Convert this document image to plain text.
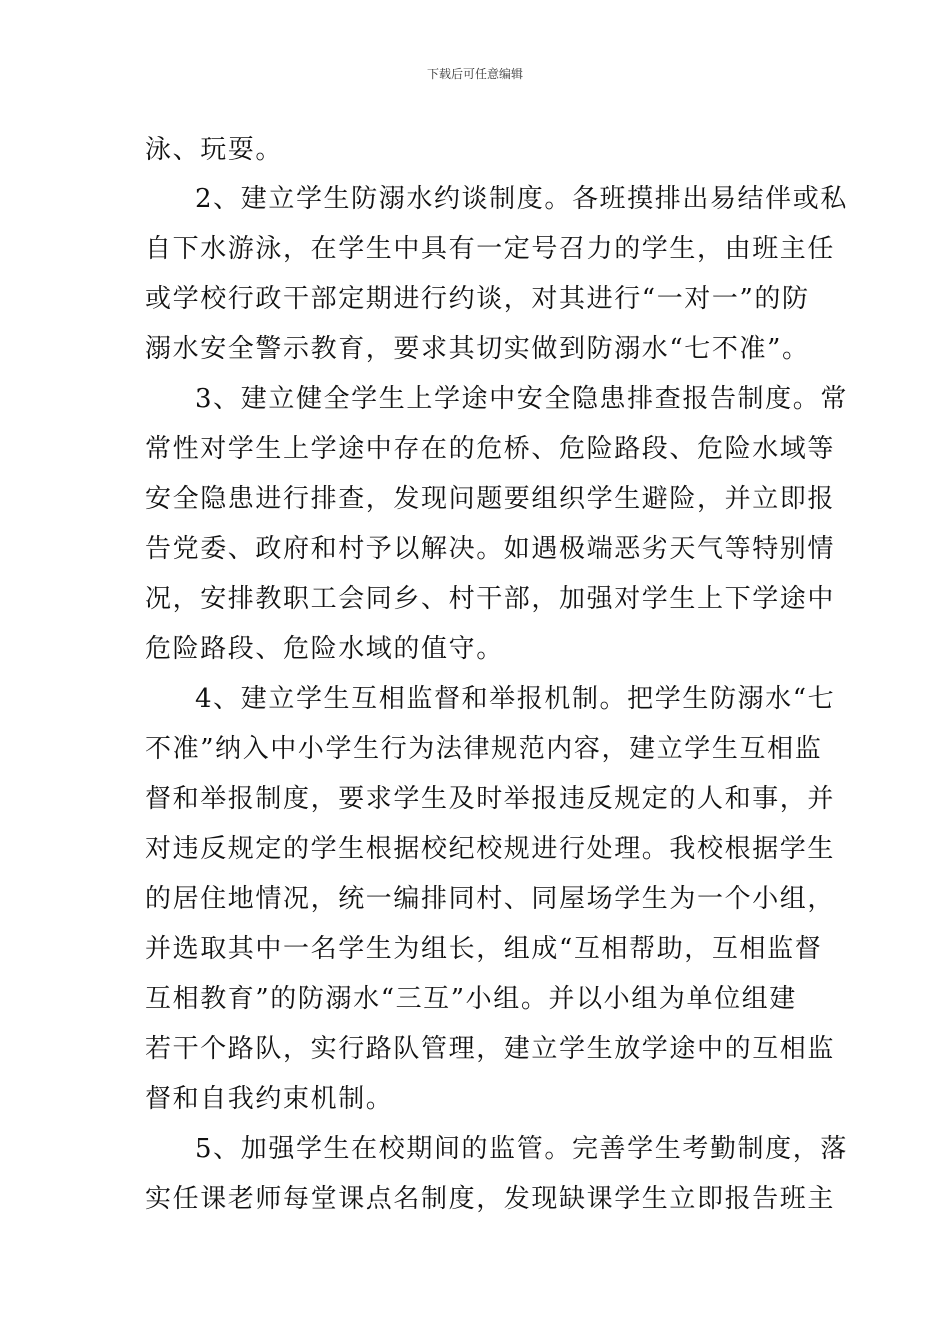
下载后可任意编辑
泳、玩耍。
2、建立学生防溺水约谈制度。各班摸排出易结伴或私
自下水游泳，在学生中具有一定号召力的学生，由班主任
或学校行政干部定期进行约谈，对其进行“一对一”的防
溺水安全警示教育，要求其切实做到防溺水“七不准”。
3、建立健全学生上学途中安全隐患排查报告制度。常
常性对学生上学途中存在的危桥、危险路段、危险水域等
安全隐患进行排查，发现问题要组织学生避险，并立即报
告党委、政府和村予以解决。如遇极端恶劣天气等特别情
况，安排教职工会同乡、村干部，加强对学生上下学途中
危险路段、危险水域的值守。
4、建立学生互相监督和举报机制。把学生防溺水“七
不准”纳入中小学生行为法律规范内容，建立学生互相监
督和举报制度，要求学生及时举报违反规定的人和事，并
对违反规定的学生根据校纪校规进行处理。我校根据学生
的居住地情况，统一编排同村、同屋场学生为一个小组，
并选取其中一名学生为组长，组成“互相帮助，互相监督
互相教育”的防溺水“三互”小组。并以小组为单位组建
若干个路队，实行路队管理，建立学生放学途中的互相监
督和自我约束机制。
5、加强学生在校期间的监管。完善学生考勤制度，落
实任课老师每堂课点名制度，发现缺课学生立即报告班主
